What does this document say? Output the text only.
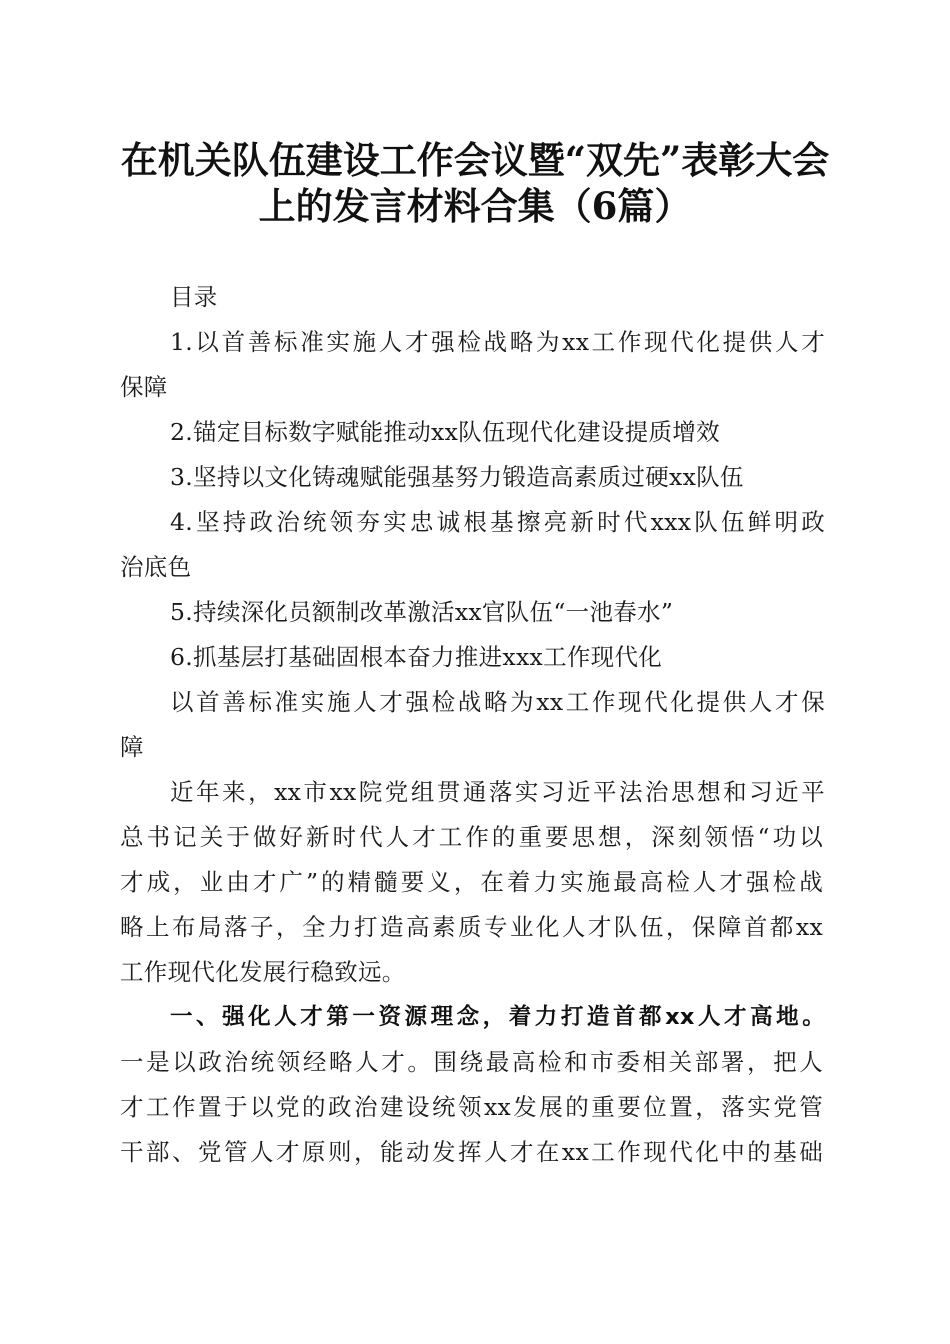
在机关队伍建设工作会议暨“双先”表彰大会
上的发言材料合集（6篇）
目录
1.以首善标准实施人才强检战略为xx工作现代化提供人才
保障
2.锚定目标数字赋能推动xx队伍现代化建设提质增效
3.坚持以文化铸魂赋能强基努力锻造高素质过硬xx队伍
4.坚持政治统领夯实忠诚根基擦亮新时代xxx队伍鲜明政
治底色
5.持续深化员额制改革激活xx官队伍“一池春水”
6.抓基层打基础固根本奋力推进xxx工作现代化
以首善标准实施人才强检战略为xx工作现代化提供人才保
障
近年来，xx市xx院党组贯通落实习近平法治思想和习近平
总书记关于做好新时代人才工作的重要思想，深刻领悟“功以
才成，业由才广”的精髓要义，在着力实施最高检人才强检战
略上布局落子，全力打造高素质专业化人才队伍，保障首都xx
工作现代化发展行稳致远。
一、强化人才第一资源理念，着力打造首都xx人才高地。
一是以政治统领经略人才。围绕最高检和市委相关部署，把人
才工作置于以党的政治建设统领xx发展的重要位置，落实党管
干部、党管人才原则，能动发挥人才在xx工作现代化中的基础
